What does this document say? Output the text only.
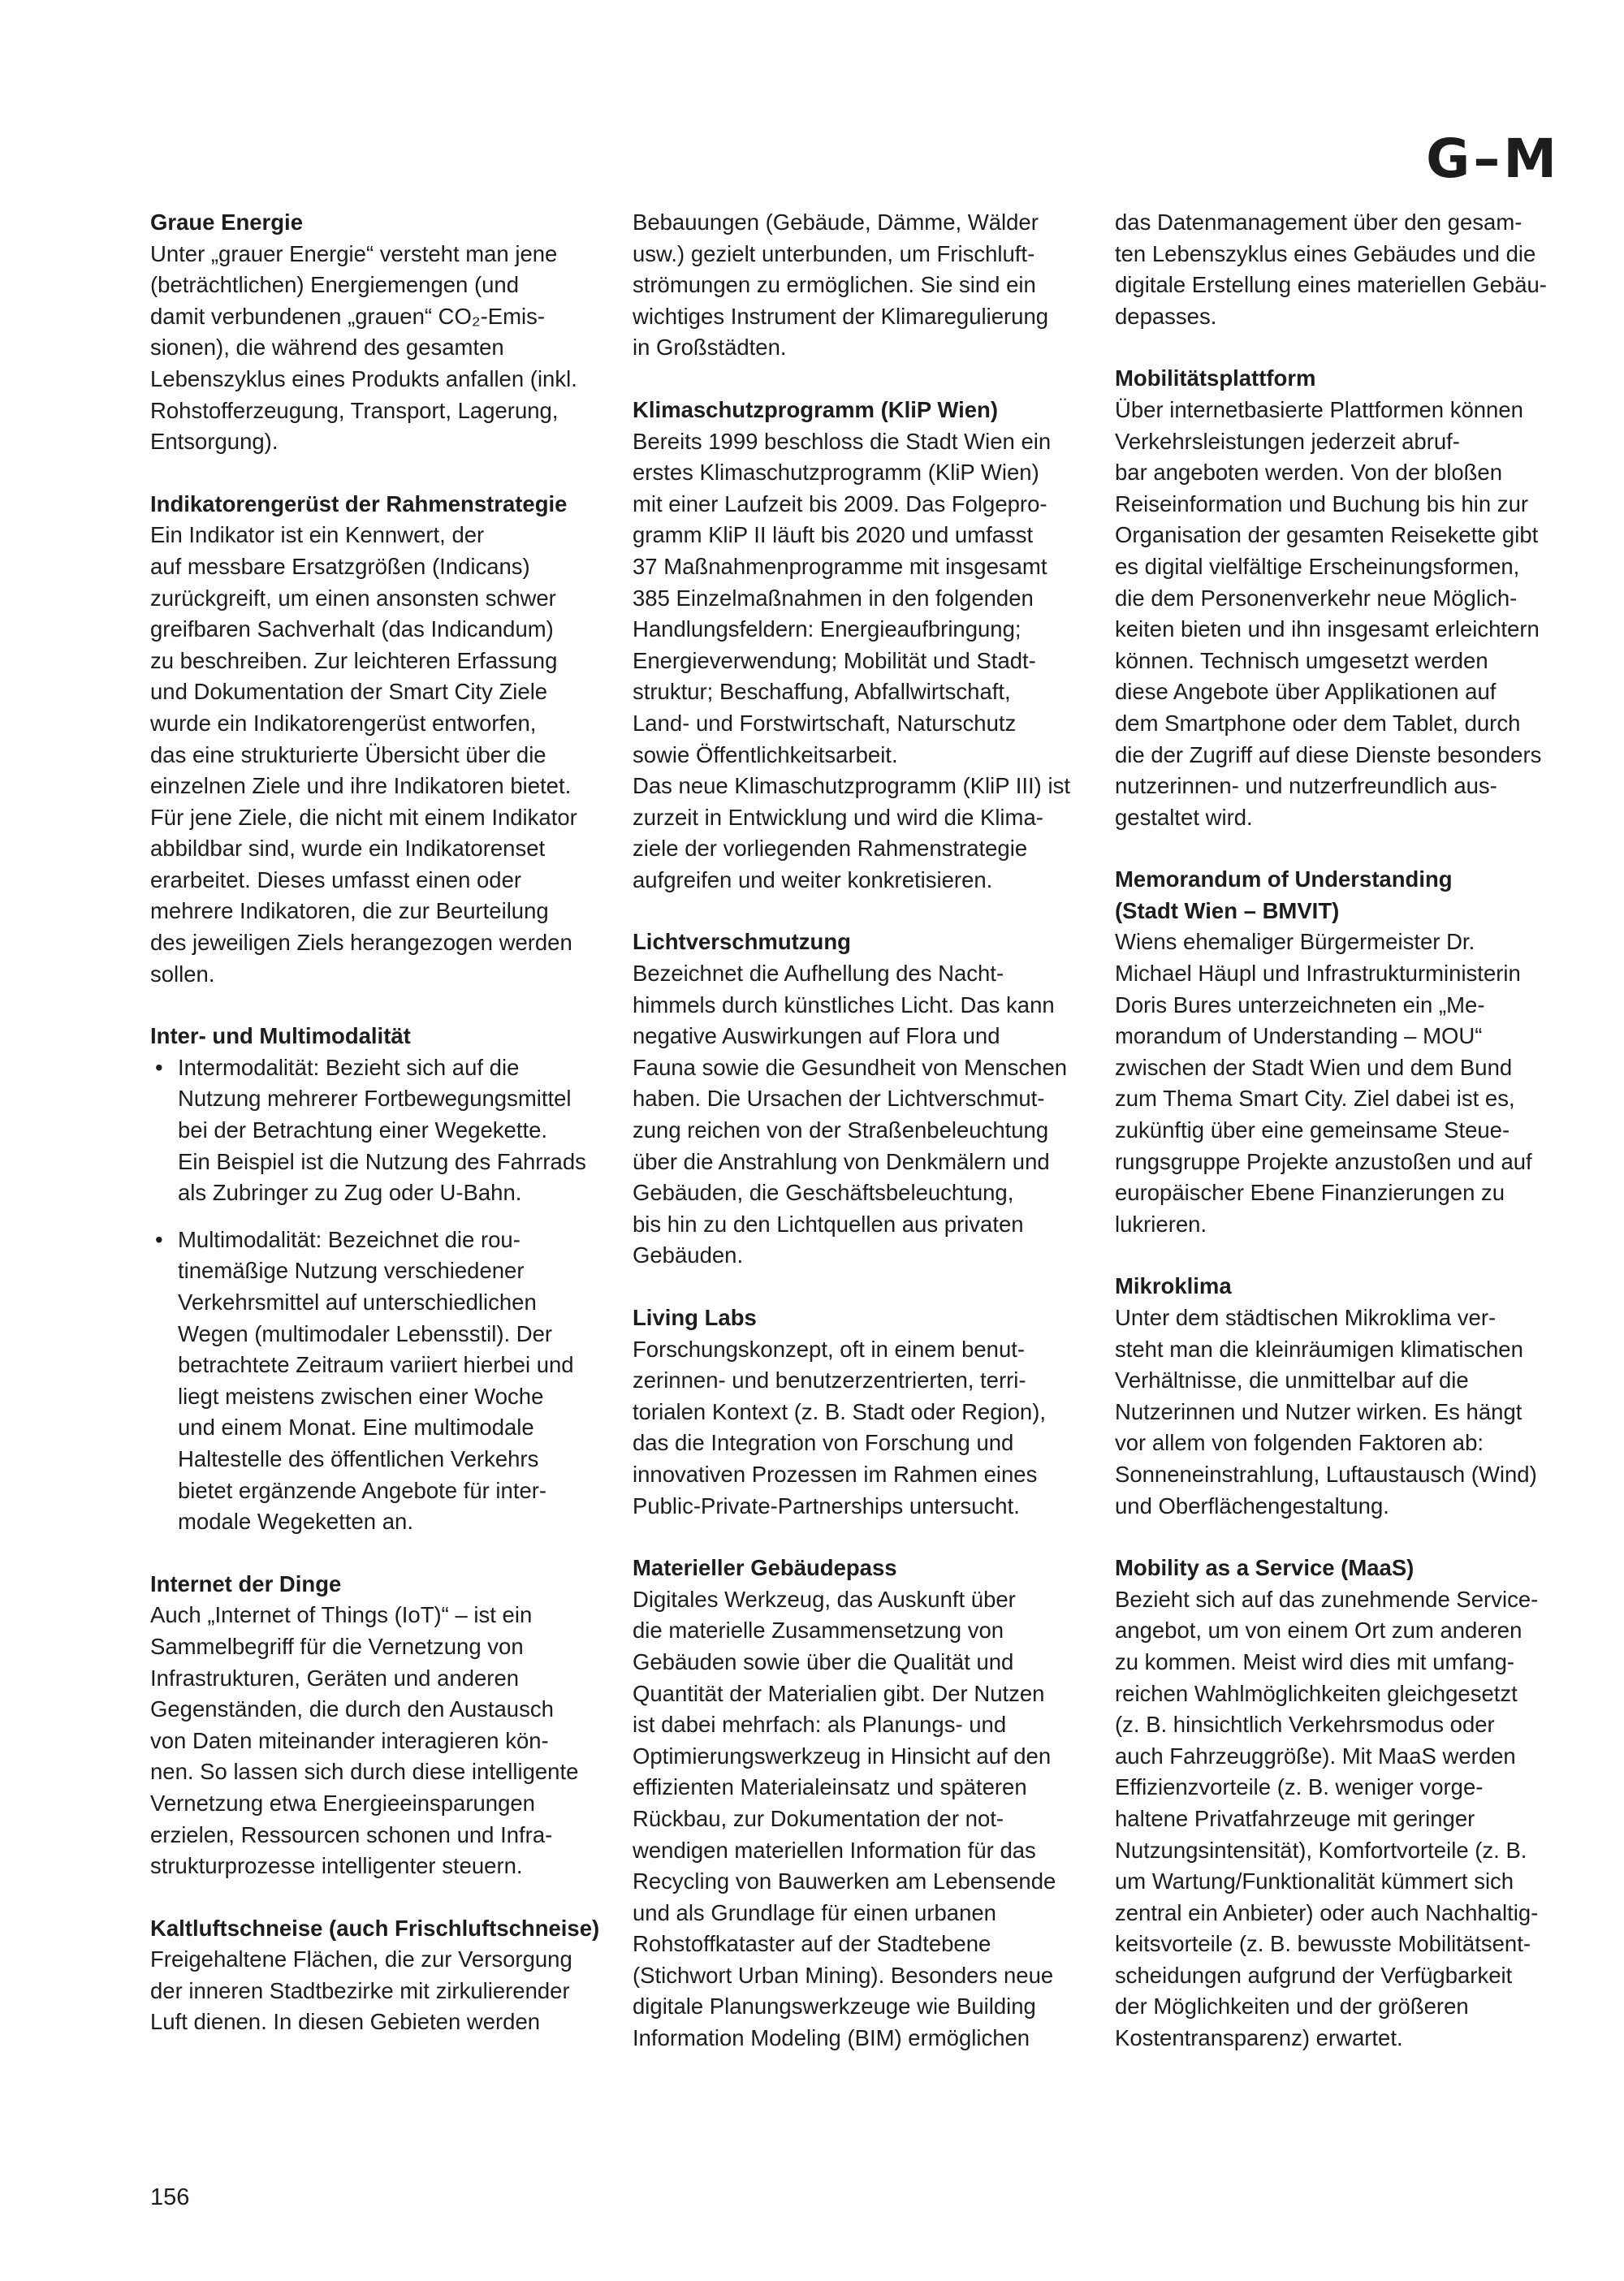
G–M
Graue Energie

Unter „grauer Energie“ versteht man jene
(beträchtlichen) Energiemengen (und
damit verbundenen „grauen“ CO₂-Emis-
sionen), die während des gesamten
Lebenszyklus eines Produkts anfallen (inkl.
Rohstofferzeugung, Transport, Lagerung,
Entsorgung).

Indikatorengerüst der Rahmenstrategie

Ein Indikator ist ein Kennwert, der
auf messbare Ersatzgrößen (Indicans)
zurückgreift, um einen ansonsten schwer
greifbaren Sachverhalt (das Indicandum)
zu beschreiben. Zur leichteren Erfassung
und Dokumentation der Smart City Ziele
wurde ein Indikatorengerüst entworfen,
das eine strukturierte Übersicht über die
einzelnen Ziele und ihre Indikatoren bietet.
Für jene Ziele, die nicht mit einem Indikator
abbildbar sind, wurde ein Indikatorenset
erarbeitet. Dieses umfasst einen oder
mehrere Indikatoren, die zur Beurteilung
des jeweiligen Ziels herangezogen werden
sollen.

Inter- und Multimodalität
• Intermodalität: Bezieht sich auf die
Nutzung mehrerer Fortbewegungsmittel
bei der Betrachtung einer Wegekette.
Ein Beispiel ist die Nutzung des Fahrrads
als Zubringer zu Zug oder U-Bahn.
• Multimodalität: Bezeichnet die rou-
tinemäßige Nutzung verschiedener
Verkehrsmittel auf unterschiedlichen
Wegen (multimodaler Lebensstil). Der
betrachtete Zeitraum variiert hierbei und
liegt meistens zwischen einer Woche
und einem Monat. Eine multimodale
Haltestelle des öffentlichen Verkehrs
bietet ergänzende Angebote für inter-
modale Wegeketten an.
Internet der Dinge

Auch „Internet of Things (IoT)“ – ist ein
Sammelbegriff für die Vernetzung von
Infrastrukturen, Geräten und anderen
Gegenständen, die durch den Austausch
von Daten miteinander interagieren kön-
nen. So lassen sich durch diese intelligente
Vernetzung etwa Energieeinsparungen
erzielen, Ressourcen schonen und Infra-
strukturprozesse intelligenter steuern.

Kaltluftschneise (auch Frischluftschneise)

Freigehaltene Flächen, die zur Versorgung
der inneren Stadtbezirke mit zirkulierender
Luft dienen. In diesen Gebieten werden

Bebauungen (Gebäude, Dämme, Wälder
usw.) gezielt unterbunden, um Frischluft-
strömungen zu ermöglichen. Sie sind ein
wichtiges Instrument der Klimaregulierung
in Großstädten.

Klimaschutzprogramm (KliP Wien)

Bereits 1999 beschloss die Stadt Wien ein
erstes Klimaschutzprogramm (KliP Wien)
mit einer Laufzeit bis 2009. Das Folgepro-
gramm KliP II läuft bis 2020 und umfasst
37 Maßnahmenprogramme mit insgesamt
385 Einzelmaßnahmen in den folgenden
Handlungsfeldern: Energieaufbringung;
Energieverwendung; Mobilität und Stadt-
struktur; Beschaffung, Abfallwirtschaft,
Land- und Forstwirtschaft, Naturschutz
sowie Öffentlichkeitsarbeit.
Das neue Klimaschutzprogramm (KliP III) ist
zurzeit in Entwicklung und wird die Klima-
ziele der vorliegenden Rahmenstrategie
aufgreifen und weiter konkretisieren.

Lichtverschmutzung

Bezeichnet die Aufhellung des Nacht-
himmels durch künstliches Licht. Das kann
negative Auswirkungen auf Flora und
Fauna sowie die Gesundheit von Menschen
haben. Die Ursachen der Lichtverschmut-
zung reichen von der Straßenbeleuchtung
über die Anstrahlung von Denkmälern und
Gebäuden, die Geschäftsbeleuchtung,
bis hin zu den Lichtquellen aus privaten
Gebäuden.

Living Labs

Forschungskonzept, oft in einem benut-
zerinnen- und benutzerzentrierten, terri-
torialen Kontext (z. B. Stadt oder Region),
das die Integration von Forschung und
innovativen Prozessen im Rahmen eines
Public-Private-Partnerships untersucht.

Materieller Gebäudepass

Digitales Werkzeug, das Auskunft über
die materielle Zusammensetzung von
Gebäuden sowie über die Qualität und
Quantität der Materialien gibt. Der Nutzen
ist dabei mehrfach: als Planungs- und
Optimierungswerkzeug in Hinsicht auf den
effizienten Materialeinsatz und späteren
Rückbau, zur Dokumentation der not-
wendigen materiellen Information für das
Recycling von Bauwerken am Lebensende
und als Grundlage für einen urbanen
Rohstoffkataster auf der Stadtebene
(Stichwort Urban Mining). Besonders neue
digitale Planungswerkzeuge wie Building
Information Modeling (BIM) ermöglichen

das Datenmanagement über den gesam-
ten Lebenszyklus eines Gebäudes und die
digitale Erstellung eines materiellen Gebäu-
depasses.

Mobilitätsplattform

Über internetbasierte Plattformen können
Verkehrsleistungen jederzeit abruf-
bar angeboten werden. Von der bloßen
Reiseinformation und Buchung bis hin zur
Organisation der gesamten Reisekette gibt
es digital vielfältige Erscheinungsformen,
die dem Personenverkehr neue Möglich-
keiten bieten und ihn insgesamt erleichtern
können. Technisch umgesetzt werden
diese Angebote über Applikationen auf
dem Smartphone oder dem Tablet, durch
die der Zugriff auf diese Dienste besonders
nutzerinnen- und nutzerfreundlich aus-
gestaltet wird.

Memorandum of Understanding
(Stadt Wien – BMVIT)

Wiens ehemaliger Bürgermeister Dr.
Michael Häupl und Infrastrukturministerin
Doris Bures unterzeichneten ein „Me-
morandum of Understanding – MOU“
zwischen der Stadt Wien und dem Bund
zum Thema Smart City. Ziel dabei ist es,
zukünftig über eine gemeinsame Steue-
rungsgruppe Projekte anzustoßen und auf
europäischer Ebene Finanzierungen zu
lukrieren.

Mikroklima

Unter dem städtischen Mikroklima ver-
steht man die kleinräumigen klimatischen
Verhältnisse, die unmittelbar auf die
Nutzerinnen und Nutzer wirken. Es hängt
vor allem von folgenden Faktoren ab:
Sonneneinstrahlung, Luftaustausch (Wind)
und Oberflächengestaltung.

Mobility as a Service (MaaS)

Bezieht sich auf das zunehmende Service-
angebot, um von einem Ort zum anderen
zu kommen. Meist wird dies mit umfang-
reichen Wahlmöglichkeiten gleichgesetzt
(z. B. hinsichtlich Verkehrsmodus oder
auch Fahrzeuggröße). Mit MaaS werden
Effizienzvorteile (z. B. weniger vorge-
haltene Privatfahrzeuge mit geringer
Nutzungsintensität), Komfortvorteile (z. B.
um Wartung/Funktionalität kümmert sich
zentral ein Anbieter) oder auch Nachhaltig-
keitsvorteile (z. B. bewusste Mobilitätsent-
scheidungen aufgrund der Verfügbarkeit
der Möglichkeiten und der größeren
Kostentransparenz) erwartet.

156
